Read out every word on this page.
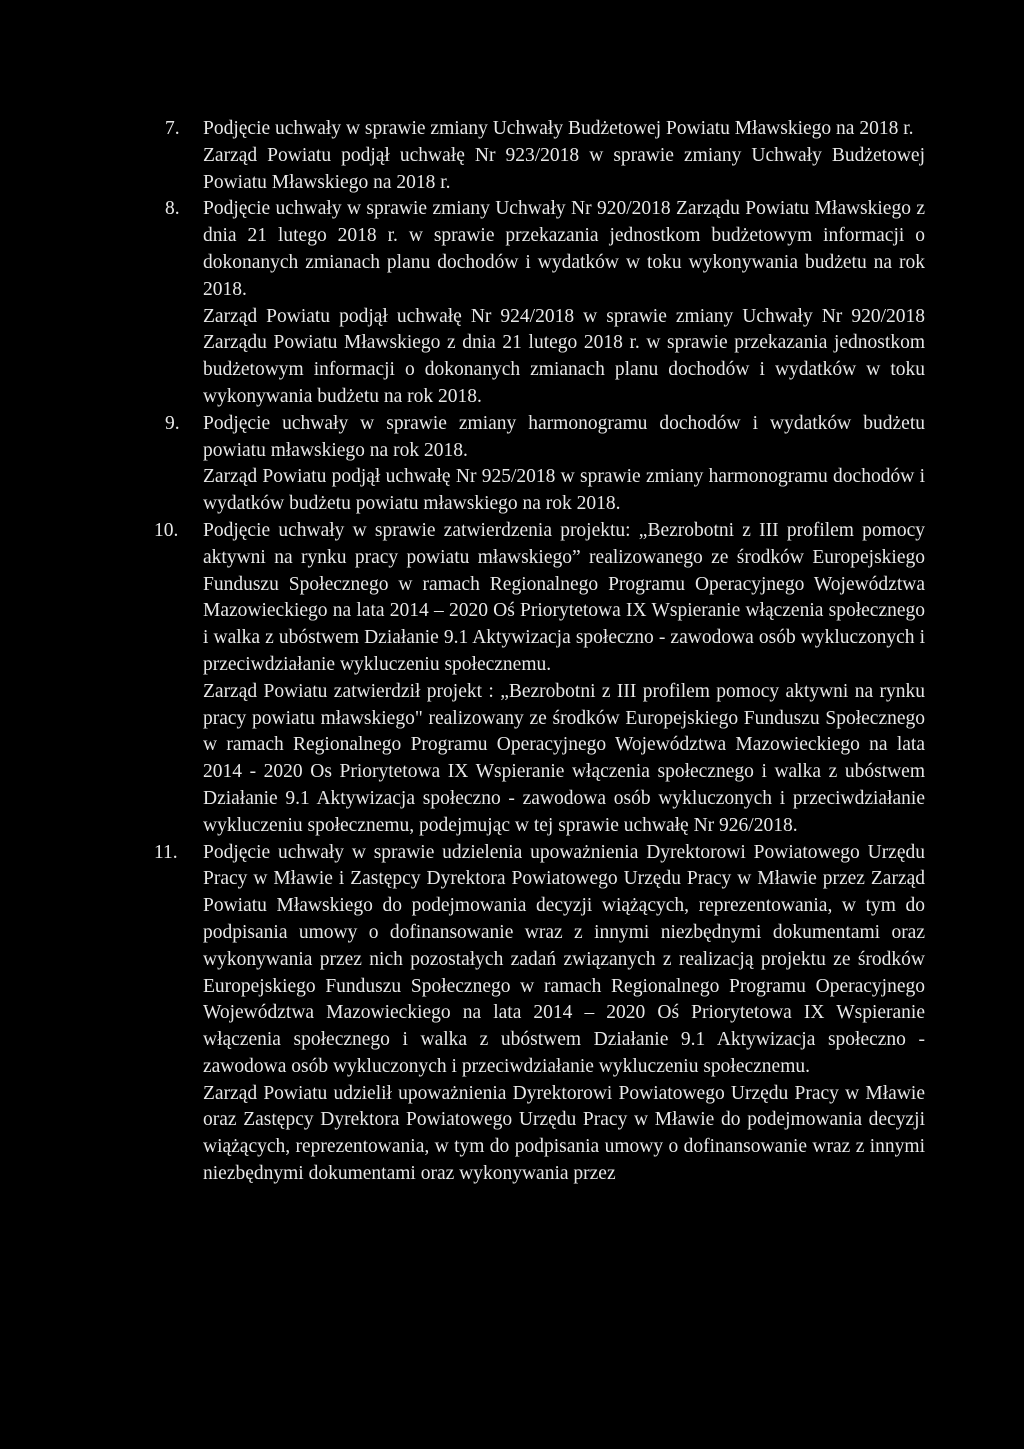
7. Podjęcie uchwały w sprawie zmiany Uchwały Budżetowej Powiatu Mławskiego na 2018 r.

Zarząd Powiatu podjął uchwałę Nr 923/2018 w sprawie zmiany Uchwały Budżetowej Powiatu Mławskiego na 2018 r.

8. Podjęcie uchwały w sprawie zmiany Uchwały Nr 920/2018 Zarządu Powiatu Mławskiego z dnia 21 lutego 2018 r. w sprawie przekazania jednostkom budżetowym informacji o dokonanych zmianach planu dochodów i wydatków w toku wykonywania budżetu na rok 2018.

Zarząd Powiatu podjął uchwałę Nr 924/2018 w sprawie zmiany Uchwały Nr 920/2018 Zarządu Powiatu Mławskiego z dnia 21 lutego 2018 r. w sprawie przekazania jednostkom budżetowym informacji o dokonanych zmianach planu dochodów i wydatków w toku wykonywania budżetu na rok 2018.

9. Podjęcie uchwały w sprawie zmiany harmonogramu dochodów i wydatków budżetu powiatu mławskiego na rok 2018.

Zarząd Powiatu podjął uchwałę Nr 925/2018 w sprawie zmiany harmonogramu dochodów i wydatków budżetu powiatu mławskiego na rok 2018.

10. Podjęcie uchwały w sprawie zatwierdzenia projektu: „Bezrobotni z III profilem pomocy aktywni na rynku pracy powiatu mławskiego” realizowanego ze środków Europejskiego Funduszu Społecznego w ramach Regionalnego Programu Operacyjnego Województwa Mazowieckiego na lata 2014 – 2020 Oś Priorytetowa IX Wspieranie włączenia społecznego i walka z ubóstwem Działanie 9.1 Aktywizacja społeczno - zawodowa osób wykluczonych i przeciwdziałanie wykluczeniu społecznemu.

Zarząd Powiatu zatwierdził projekt : „Bezrobotni z III profilem pomocy aktywni na rynku pracy powiatu mławskiego" realizowany ze środków Europejskiego Funduszu Społecznego w ramach Regionalnego Programu Operacyjnego Województwa Mazowieckiego na lata 2014 - 2020 Os Priorytetowa IX Wspieranie włączenia społecznego i walka z ubóstwem Działanie 9.1 Aktywizacja społeczno - zawodowa osób wykluczonych i przeciwdziałanie wykluczeniu społecznemu, podejmując w tej sprawie uchwałę Nr 926/2018.

11. Podjęcie uchwały w sprawie udzielenia upoważnienia Dyrektorowi Powiatowego Urzędu Pracy w Mławie i Zastępcy Dyrektora Powiatowego Urzędu Pracy w Mławie przez Zarząd Powiatu Mławskiego do podejmowania decyzji wiążących, reprezentowania, w tym do podpisania umowy o dofinansowanie wraz z innymi niezbędnymi dokumentami oraz wykonywania przez nich pozostałych zadań związanych z realizacją projektu ze środków Europejskiego Funduszu Społecznego w ramach Regionalnego Programu Operacyjnego Województwa Mazowieckiego na lata 2014 – 2020 Oś Priorytetowa IX Wspieranie włączenia społecznego i walka z ubóstwem Działanie 9.1 Aktywizacja społeczno - zawodowa osób wykluczonych i przeciwdziałanie wykluczeniu społecznemu.

Zarząd Powiatu udzielił upoważnienia Dyrektorowi Powiatowego Urzędu Pracy w Mławie oraz Zastępcy Dyrektora Powiatowego Urzędu Pracy w Mławie do podejmowania decyzji wiążących, reprezentowania, w tym do podpisania umowy o dofinansowanie wraz z innymi niezbędnymi dokumentami oraz wykonywania przez
